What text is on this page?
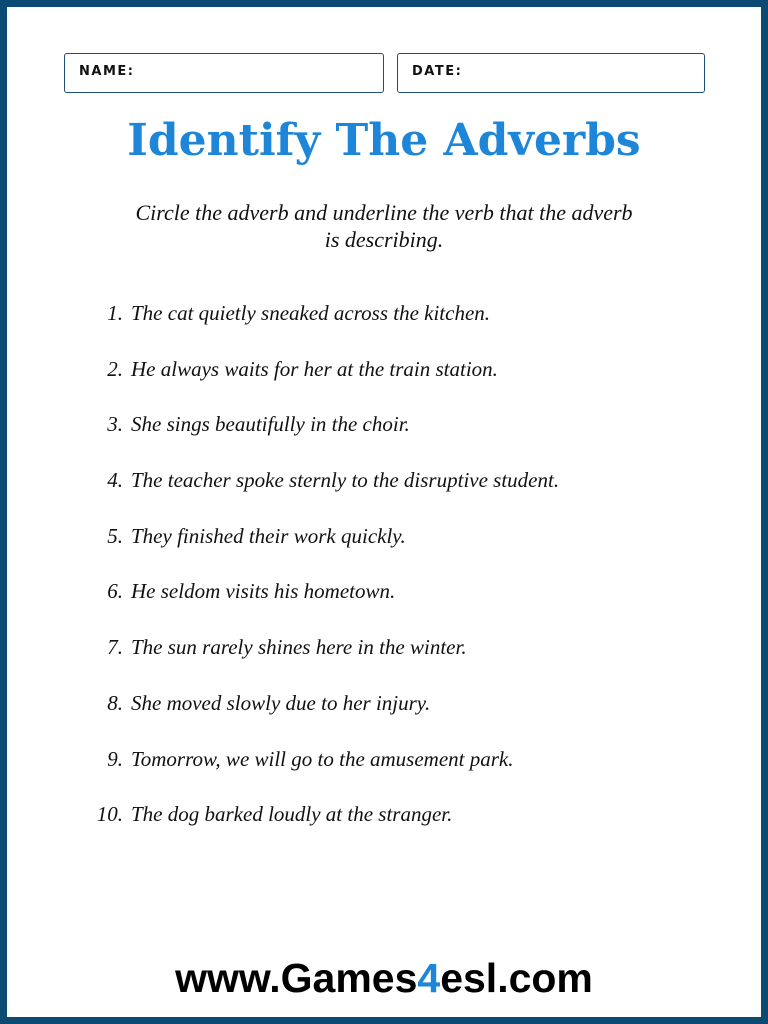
NAME:	DATE:
Identify The Adverbs

Circle the adverb and underline the verb that the adverb is describing.

1. The cat quietly sneaked across the kitchen.
2. He always waits for her at the train station.
3. She sings beautifully in the choir.
4. The teacher spoke sternly to the disruptive student.
5. They finished their work quickly.
6. He seldom visits his hometown.
7. The sun rarely shines here in the winter.
8. She moved slowly due to her injury.
9. Tomorrow, we will go to the amusement park.
10. The dog barked loudly at the stranger.
www.Games4esl.com
